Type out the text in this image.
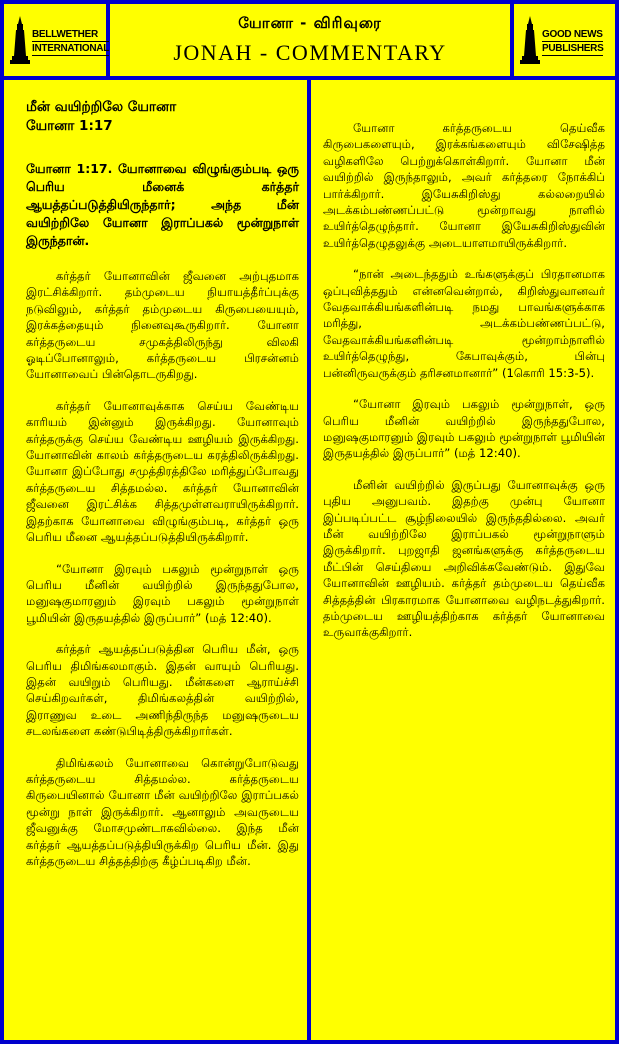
BELLWETHER
INTERNATIONAL
யோனா - விரிவுரை
JONAH - COMMENTARY
GOOD NEWS
PUBLISHERS
மீன் வயிற்றிலே யோனா
யோனா 1:17

யோனா 1:17. யோனாவை விழுங்கும்படி ஒரு பெரிய மீனைக் கர்த்தர் ஆயத்தப்படுத்தியிருந்தார்; அந்த மீன் வயிற்றிலே யோனா இராப்பகல் மூன்றுநாள் இருந்தான்.

கர்த்தர் யோனாவின் ஜீவனை அற்புதமாக இரட்சிக்கிறார். தம்முடைய நியாயத்தீர்ப்புக்கு நடுவிலும், கர்த்தர் தம்முடைய கிருபையையும், இரக்கத்தையும் நினைவுகூருகிறார். யோனா கர்த்தருடைய சமுகத்திலிருந்து விலகி ஓடிப்போனாலும், கர்த்தருடைய பிரசன்னம் யோனாவைப் பின்தொடருகிறது.

கர்த்தர் யோனாவுக்காக செய்ய வேண்டிய காரியம் இன்னும் இருக்கிறது. யோனாவும் கர்த்தருக்கு செய்ய வேண்டிய ஊழியம் இருக்கிறது. யோனாவின் காலம் கர்த்தருடைய கரத்திலிருக்கிறது. யோனா இப்போது சமுத்திரத்திலே மரித்துப்போவது கர்த்தருடைய சித்தமல்ல. கர்த்தர் யோனாவின் ஜீவனை இரட்சிக்க சித்தமுள்ளவராயிருக்கிறார். இதற்காக யோனாவை விழுங்கும்படி, கர்த்தர் ஒரு பெரிய மீனை ஆயத்தப்படுத்தியிருக்கிறார்.

“யோனா இரவும் பகலும் மூன்றுநாள் ஒரு பெரிய மீனின் வயிற்றில் இருந்ததுபோல, மனுஷகுமாரனும் இரவும் பகலும் மூன்றுநாள் பூமியின் இருதயத்தில் இருப்பார்” (மத் 12:40).

கர்த்தர் ஆயத்தப்படுத்தின பெரிய மீன், ஒரு பெரிய திமிங்கலமாகும். இதன் வாயும் பெரியது. இதன் வயிறும் பெரியது. மீன்களை ஆராய்ச்சி செய்கிறவர்கள், திமிங்கலத்தின் வயிற்றில், இராணுவ உடை அணிந்திருந்த மனுஷருடைய சடலங்களை கண்டுபிடித்திருக்கிறார்கள்.

திமிங்கலம் யோனாவை கொன்றுபோடுவது கர்த்தருடைய சித்தமல்ல. கர்த்தருடைய கிருபையினால் யோனா மீன் வயிற்றிலே இராப்பகல் மூன்று நாள் இருக்கிறார். ஆனாலும் அவருடைய ஜீவனுக்கு மோசமுண்டாகவில்லை. இந்த மீன் கர்த்தர் ஆயத்தப்படுத்தியிருக்கிற பெரிய மீன். இது கர்த்தருடைய சித்தத்திற்கு கீழ்ப்படிகிற மீன்.

யோனா கர்த்தருடைய தெய்வீக கிருபைகளையும், இரக்கங்களையும் விசேஷித்த வழிகளிலே பெற்றுக்கொள்கிறார். யோனா மீன் வயிற்றில் இருந்தாலும், அவர் கர்த்தரை நோக்கிப் பார்க்கிறார். இயேசுகிறிஸ்து கல்லறையில் அடக்கம்பண்ணப்பட்டு மூன்றாவது நாளில் உயிர்த்தெழுந்தார். யோனா இயேசுகிறிஸ்துவின் உயிர்த்தெழுதலுக்கு அடையாளமாயிருக்கிறார்.

“நான் அடைந்ததும் உங்களுக்குப் பிரதானமாக ஒப்புவித்ததும் என்னவென்றால், கிறிஸ்துவானவர் வேதவாக்கியங்களின்படி நமது பாவங்களுக்காக மரித்து, அடக்கம்பண்ணப்பட்டு, வேதவாக்கியங்களின்படி மூன்றாம்நாளில் உயிர்த்தெழுந்து, கேபாவுக்கும், பின்பு பன்னிருவருக்கும் தரிசனமானார்” (1கொரி 15:3-5).

“யோனா இரவும் பகலும் மூன்றுநாள், ஒரு பெரிய மீனின் வயிற்றில் இருந்ததுபோல, மனுஷகுமாரனும் இரவும் பகலும் மூன்றுநாள் பூமியின் இருதயத்தில் இருப்பார்” (மத் 12:40).

மீனின் வயிற்றில் இருப்பது யோனாவுக்கு ஒரு புதிய அனுபவம். இதற்கு முன்பு யோனா இப்படிப்பட்ட சூழ்நிலையில் இருந்ததில்லை. அவர் மீன் வயிற்றிலே இராப்பகல் மூன்றுநாளும் இருக்கிறார். புறஜாதி ஜனங்களுக்கு கர்த்தருடைய மீட்பின் செய்தியை அறிவிக்கவேண்டும். இதுவே யோனாவின் ஊழியம். கர்த்தர் தம்முடைய தெய்வீக சித்தத்தின் பிரகாரமாக யோனாவை வழிநடத்துகிறார். தம்முடைய ஊழியத்திற்காக கர்த்தர் யோனாவை உருவாக்குகிறார்.
